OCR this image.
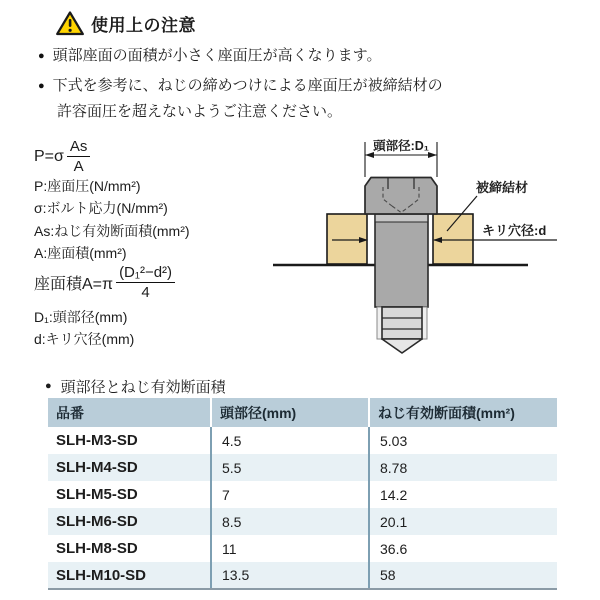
使用上の注意
● 頭部座面の面積が小さく座面圧が高くなります。
● 下式を参考に、ねじの締めつけによる座面圧が被締結材の
許容面圧を超えないようご注意ください。
$P=\sigma \frac{As}{A}$
P:座面圧(N/mm²)
σ:ボルト応力(N/mm²)
As:ねじ有効断面積(mm²)
A:座面積(mm²)
座面積$A=\pi \frac{\text{(D₁²−d²)}}{4}$
D₁:頭部径(mm)
d:キリ穴径(mm)
頭部径:D₁
キリ穴径:d
被締結材
● 頭部径とねじ有効断面積
品番	頭部径(mm)	ねじ有効断面積(mm²)
SLH-M3-SD	4.5	5.03
SLH-M4-SD	5.5	8.78
SLH-M5-SD	7	14.2
SLH-M6-SD	8.5	20.1
SLH-M8-SD	11	36.6
SLH-M10-SD	13.5	58
